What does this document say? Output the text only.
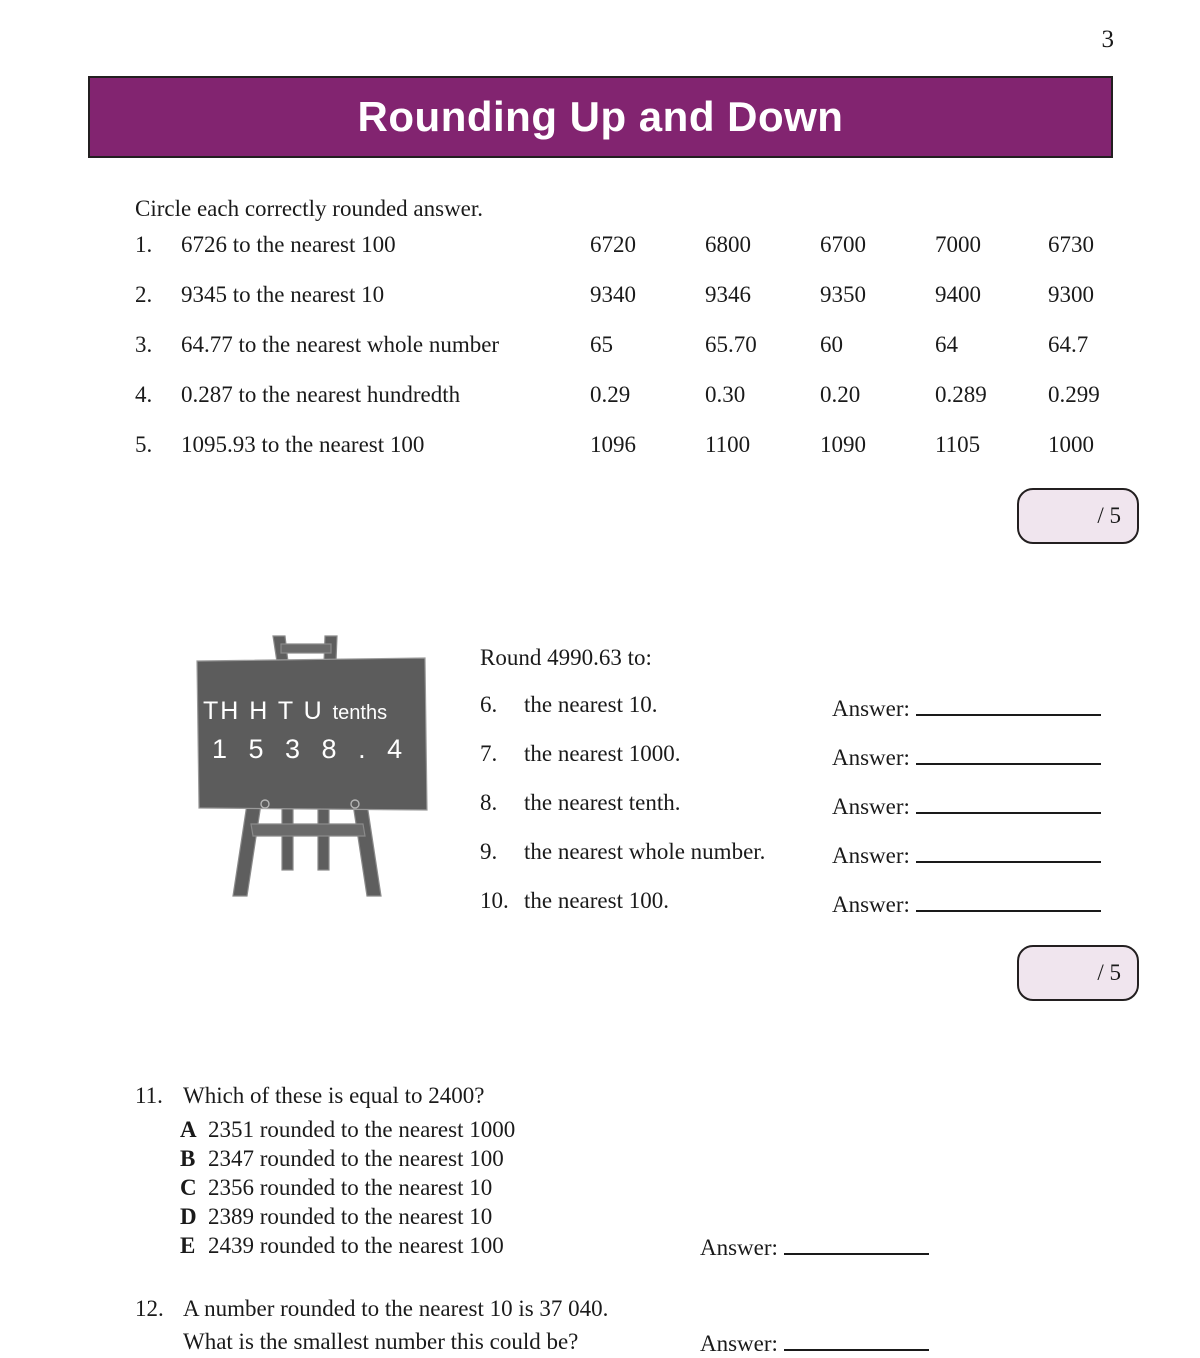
3
Rounding Up and Down
Circle each correctly rounded answer.
1.	6726 to the nearest 100	6720	6800	6700	7000	6730
2.	9345 to the nearest 10	9340	9346	9350	9400	9300
3.	64.77 to the nearest whole number	65	65.70	60	64	64.7
4.	0.287 to the nearest hundredth	0.29	0.30	0.20	0.289	0.299
5.	1095.93 to the nearest 100	1096	1100	1090	1105	1000
/ 5
TH H T U tenths
1 5 3 8 . 4
Round 4990.63 to:
6.	the nearest 10.	Answer:
7.	the nearest 1000.	Answer:
8.	the nearest tenth.	Answer:
9.	the nearest whole number.	Answer:
10. the nearest 100.	Answer:
/ 5
11. Which of these is equal to 2400?
A 2351 rounded to the nearest 1000
B 2347 rounded to the nearest 100
C 2356 rounded to the nearest 10
D 2389 rounded to the nearest 10
E 2439 rounded to the nearest 100	Answer:
12. A number rounded to the nearest 10 is 37 040.
What is the smallest number this could be?	Answer:
